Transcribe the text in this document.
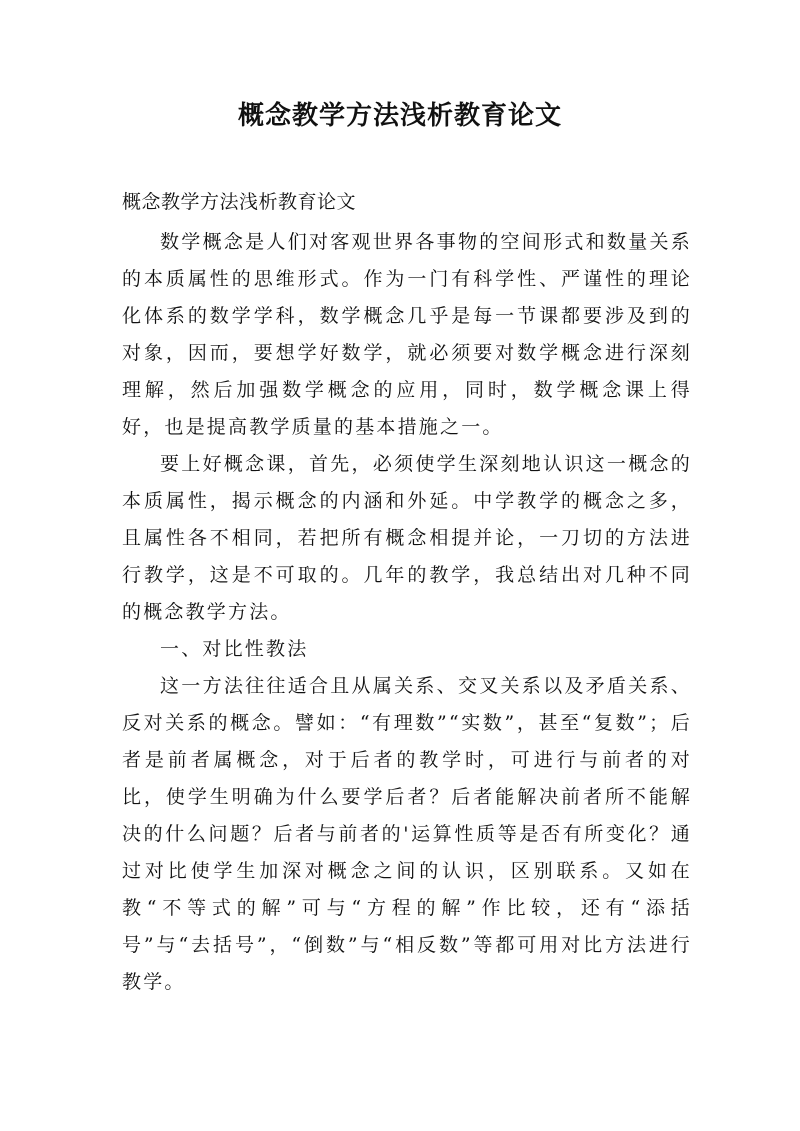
概念教学方法浅析教育论文

概念教学方法浅析教育论文

数学概念是人们对客观世界各事物的空间形式和数量关系的本质属性的思维形式。作为一门有科学性、严谨性的理论化体系的数学学科，数学概念几乎是每一节课都要涉及到的对象，因而，要想学好数学，就必须要对数学概念进行深刻理解，然后加强数学概念的应用，同时，数学概念课上得好，也是提高教学质量的基本措施之一。

要上好概念课，首先，必须使学生深刻地认识这一概念的本质属性，揭示概念的内涵和外延。中学教学的概念之多，且属性各不相同，若把所有概念相提并论，一刀切的方法进行教学，这是不可取的。几年的教学，我总结出对几种不同的概念教学方法。

一、对比性教法

这一方法往往适合且从属关系、交叉关系以及矛盾关系、反对关系的概念。譬如：“有理数”“实数”，甚至“复数”；后者是前者属概念，对于后者的教学时，可进行与前者的对比，使学生明确为什么要学后者？后者能解决前者所不能解决的什么问题？后者与前者的'运算性质等是否有所变化？通过对比使学生加深对概念之间的认识，区别联系。又如在教“不等式的解”可与“方程的解”作比较，还有“添括号”与“去括号”，“倒数”与“相反数”等都可用对比方法进行教学。
